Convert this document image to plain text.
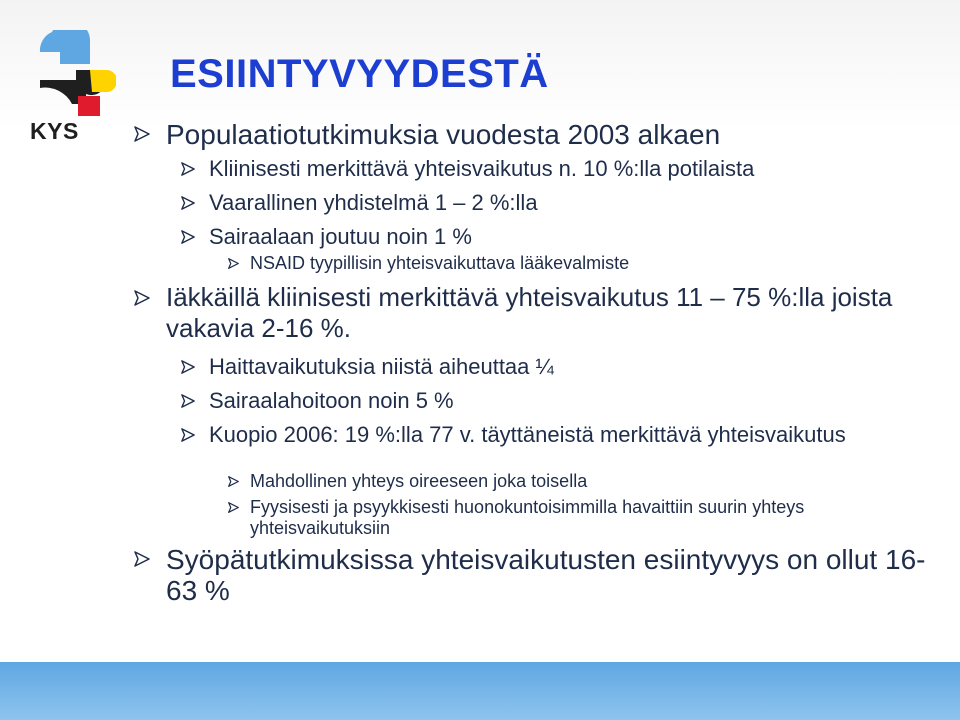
KYS
ESIINTYVYYDESTÄ

Populaatiotutkimuksia vuodesta 2003 alkaen

Kliinisesti merkittävä yhteisvaikutus n. 10 %:lla potilaista

Vaarallinen yhdistelmä 1 – 2 %:lla

Sairaalaan joutuu noin 1 %

NSAID tyypillisin yhteisvaikuttava lääkevalmiste

Iäkkäillä kliinisesti merkittävä yhteisvaikutus 11 – 75 %:lla joista vakavia 2-16 %.

Haittavaikutuksia niistä aiheuttaa ¼

Sairaalahoitoon noin 5 %

Kuopio 2006: 19 %:lla 77 v. täyttäneistä merkittävä yhteisvaikutus

Mahdollinen yhteys oireeseen joka toisella

Fyysisesti ja psyykkisesti huonokuntoisimmilla havaittiin suurin yhteys yhteisvaikutuksiin

Syöpätutkimuksissa yhteisvaikutusten esiintyvyys on ollut 16-63 %
